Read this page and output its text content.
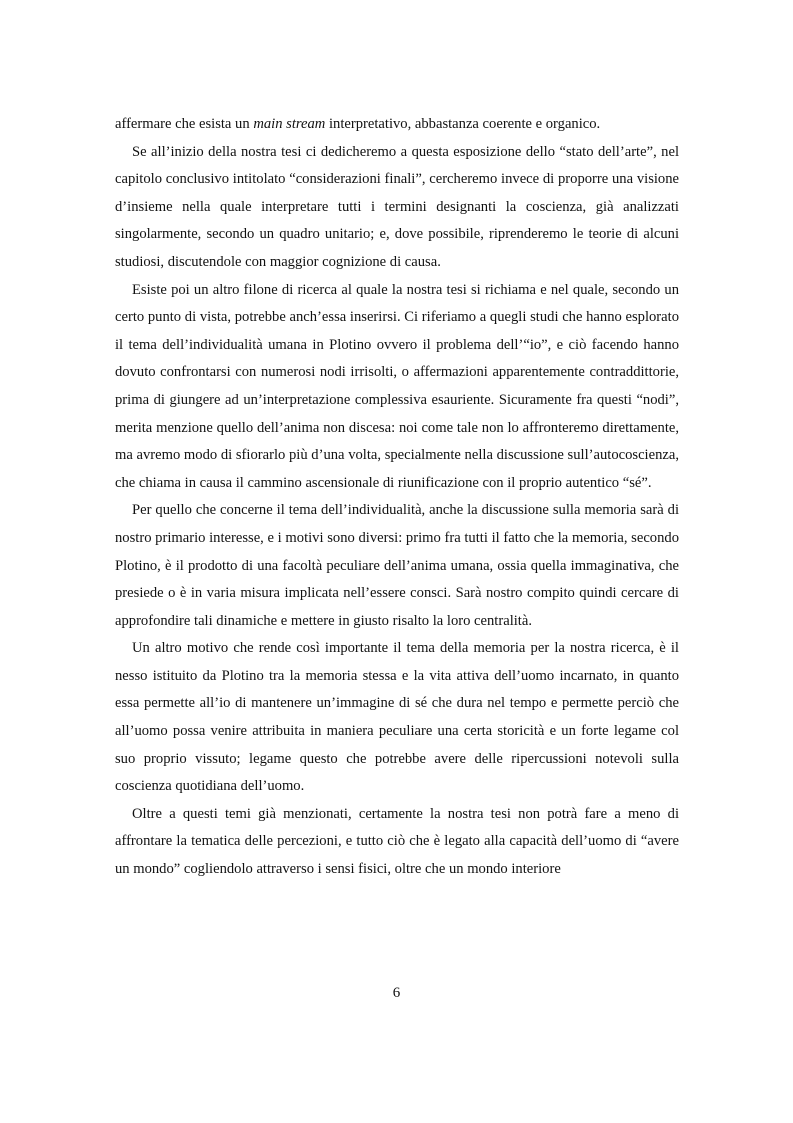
affermare che esista un main stream interpretativo, abbastanza coerente e organico.

Se all’inizio della nostra tesi ci dedicheremo a questa esposizione dello “stato dell’arte”, nel capitolo conclusivo intitolato “considerazioni finali”, cercheremo invece di proporre una visione d’insieme nella quale interpretare tutti i termini designanti la coscienza, già analizzati singolarmente, secondo un quadro unitario; e, dove possibile, riprenderemo le teorie di alcuni studiosi, discutendole con maggior cognizione di causa.

Esiste poi un altro filone di ricerca al quale la nostra tesi si richiama e nel quale, secondo un certo punto di vista, potrebbe anch’essa inserirsi. Ci riferiamo a quegli studi che hanno esplorato il tema dell’individualità umana in Plotino ovvero il problema dell’“io”, e ciò facendo hanno dovuto confrontarsi con numerosi nodi irrisolti, o affermazioni apparentemente contraddittorie, prima di giungere ad un’interpretazione complessiva esauriente. Sicuramente fra questi “nodi”, merita menzione quello dell’anima non discesa: noi come tale non lo affronteremo direttamente, ma avremo modo di sfiorarlo più d’una volta, specialmente nella discussione sull’autocoscienza, che chiama in causa il cammino ascensionale di riunificazione con il proprio autentico “sé”.

Per quello che concerne il tema dell’individualità, anche la discussione sulla memoria sarà di nostro primario interesse, e i motivi sono diversi: primo fra tutti il fatto che la memoria, secondo Plotino, è il prodotto di una facoltà peculiare dell’anima umana, ossia quella immaginativa, che presiede o è in varia misura implicata nell’essere consci. Sarà nostro compito quindi cercare di approfondire tali dinamiche e mettere in giusto risalto la loro centralità.

Un altro motivo che rende così importante il tema della memoria per la nostra ricerca, è il nesso istituito da Plotino tra la memoria stessa e la vita attiva dell’uomo incarnato, in quanto essa permette all’io di mantenere un’immagine di sé che dura nel tempo e permette perciò che all’uomo possa venire attribuita in maniera peculiare una certa storicità e un forte legame col suo proprio vissuto; legame questo che potrebbe avere delle ripercussioni notevoli sulla coscienza quotidiana dell’uomo.

Oltre a questi temi già menzionati, certamente la nostra tesi non potrà fare a meno di affrontare la tematica delle percezioni, e tutto ciò che è legato alla capacità dell’uomo di “avere un mondo” cogliendolo attraverso i sensi fisici, oltre che un mondo interiore

6
